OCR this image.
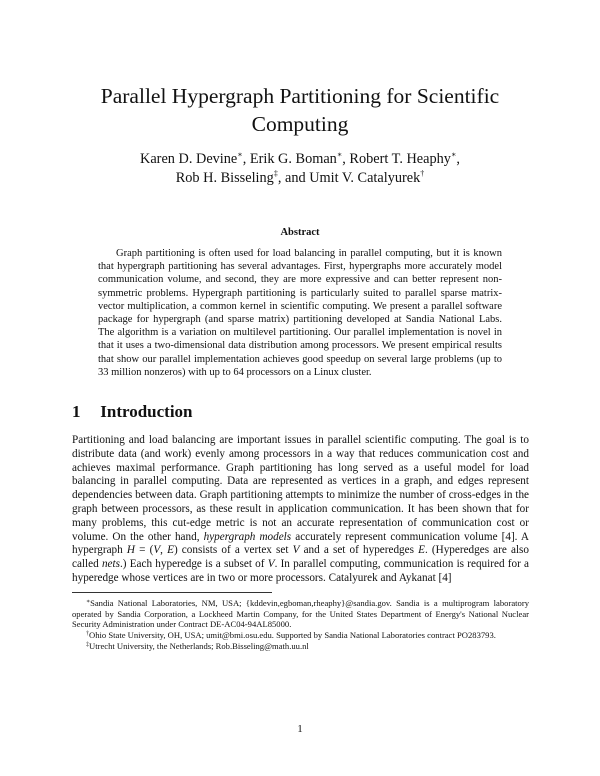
Parallel Hypergraph Partitioning for Scientific Computing
Karen D. Devine∗, Erik G. Boman∗, Robert T. Heaphy∗,
Rob H. Bisseling‡, and Umit V. Catalyurek†
Abstract

Graph partitioning is often used for load balancing in parallel computing, but it is known that hypergraph partitioning has several advantages. First, hypergraphs more accurately model communication volume, and second, they are more expressive and can better represent non-symmetric problems. Hypergraph partitioning is particularly suited to parallel sparse matrix-vector multiplication, a common kernel in scientific computing. We present a parallel software package for hypergraph (and sparse matrix) partitioning developed at Sandia National Labs. The algorithm is a variation on multilevel partitioning. Our parallel implementation is novel in that it uses a two-dimensional data distribution among processors. We present empirical results that show our parallel implementation achieves good speedup on several large problems (up to 33 million nonzeros) with up to 64 processors on a Linux cluster.

1 Introduction

Partitioning and load balancing are important issues in parallel scientific computing. The goal is to distribute data (and work) evenly among processors in a way that reduces communication cost and achieves maximal performance. Graph partitioning has long served as a useful model for load balancing in parallel computing. Data are represented as vertices in a graph, and edges represent dependencies between data. Graph partitioning attempts to minimize the number of cross-edges in the graph between processors, as these result in application communication. It has been shown that for many problems, this cut-edge metric is not an accurate representation of communication cost or volume. On the other hand, hypergraph models accurately represent communication volume [4]. A hypergraph H = (V, E) consists of a vertex set V and a set of hyperedges E. (Hyperedges are also called nets.) Each hyperedge is a subset of V. In parallel computing, communication is required for a hyperedge whose vertices are in two or more processors. Catalyurek and Aykanat [4]

∗Sandia National Laboratories, NM, USA; {kddevin,egboman,rheaphy}@sandia.gov. Sandia is a multiprogram laboratory operated by Sandia Corporation, a Lockheed Martin Company, for the United States Department of Energy's National Nuclear Security Administration under Contract DE-AC04-94AL85000.

†Ohio State University, OH, USA; umit@bmi.osu.edu. Supported by Sandia National Laboratories contract PO283793.

‡Utrecht University, the Netherlands; Rob.Bisseling@math.uu.nl

1
